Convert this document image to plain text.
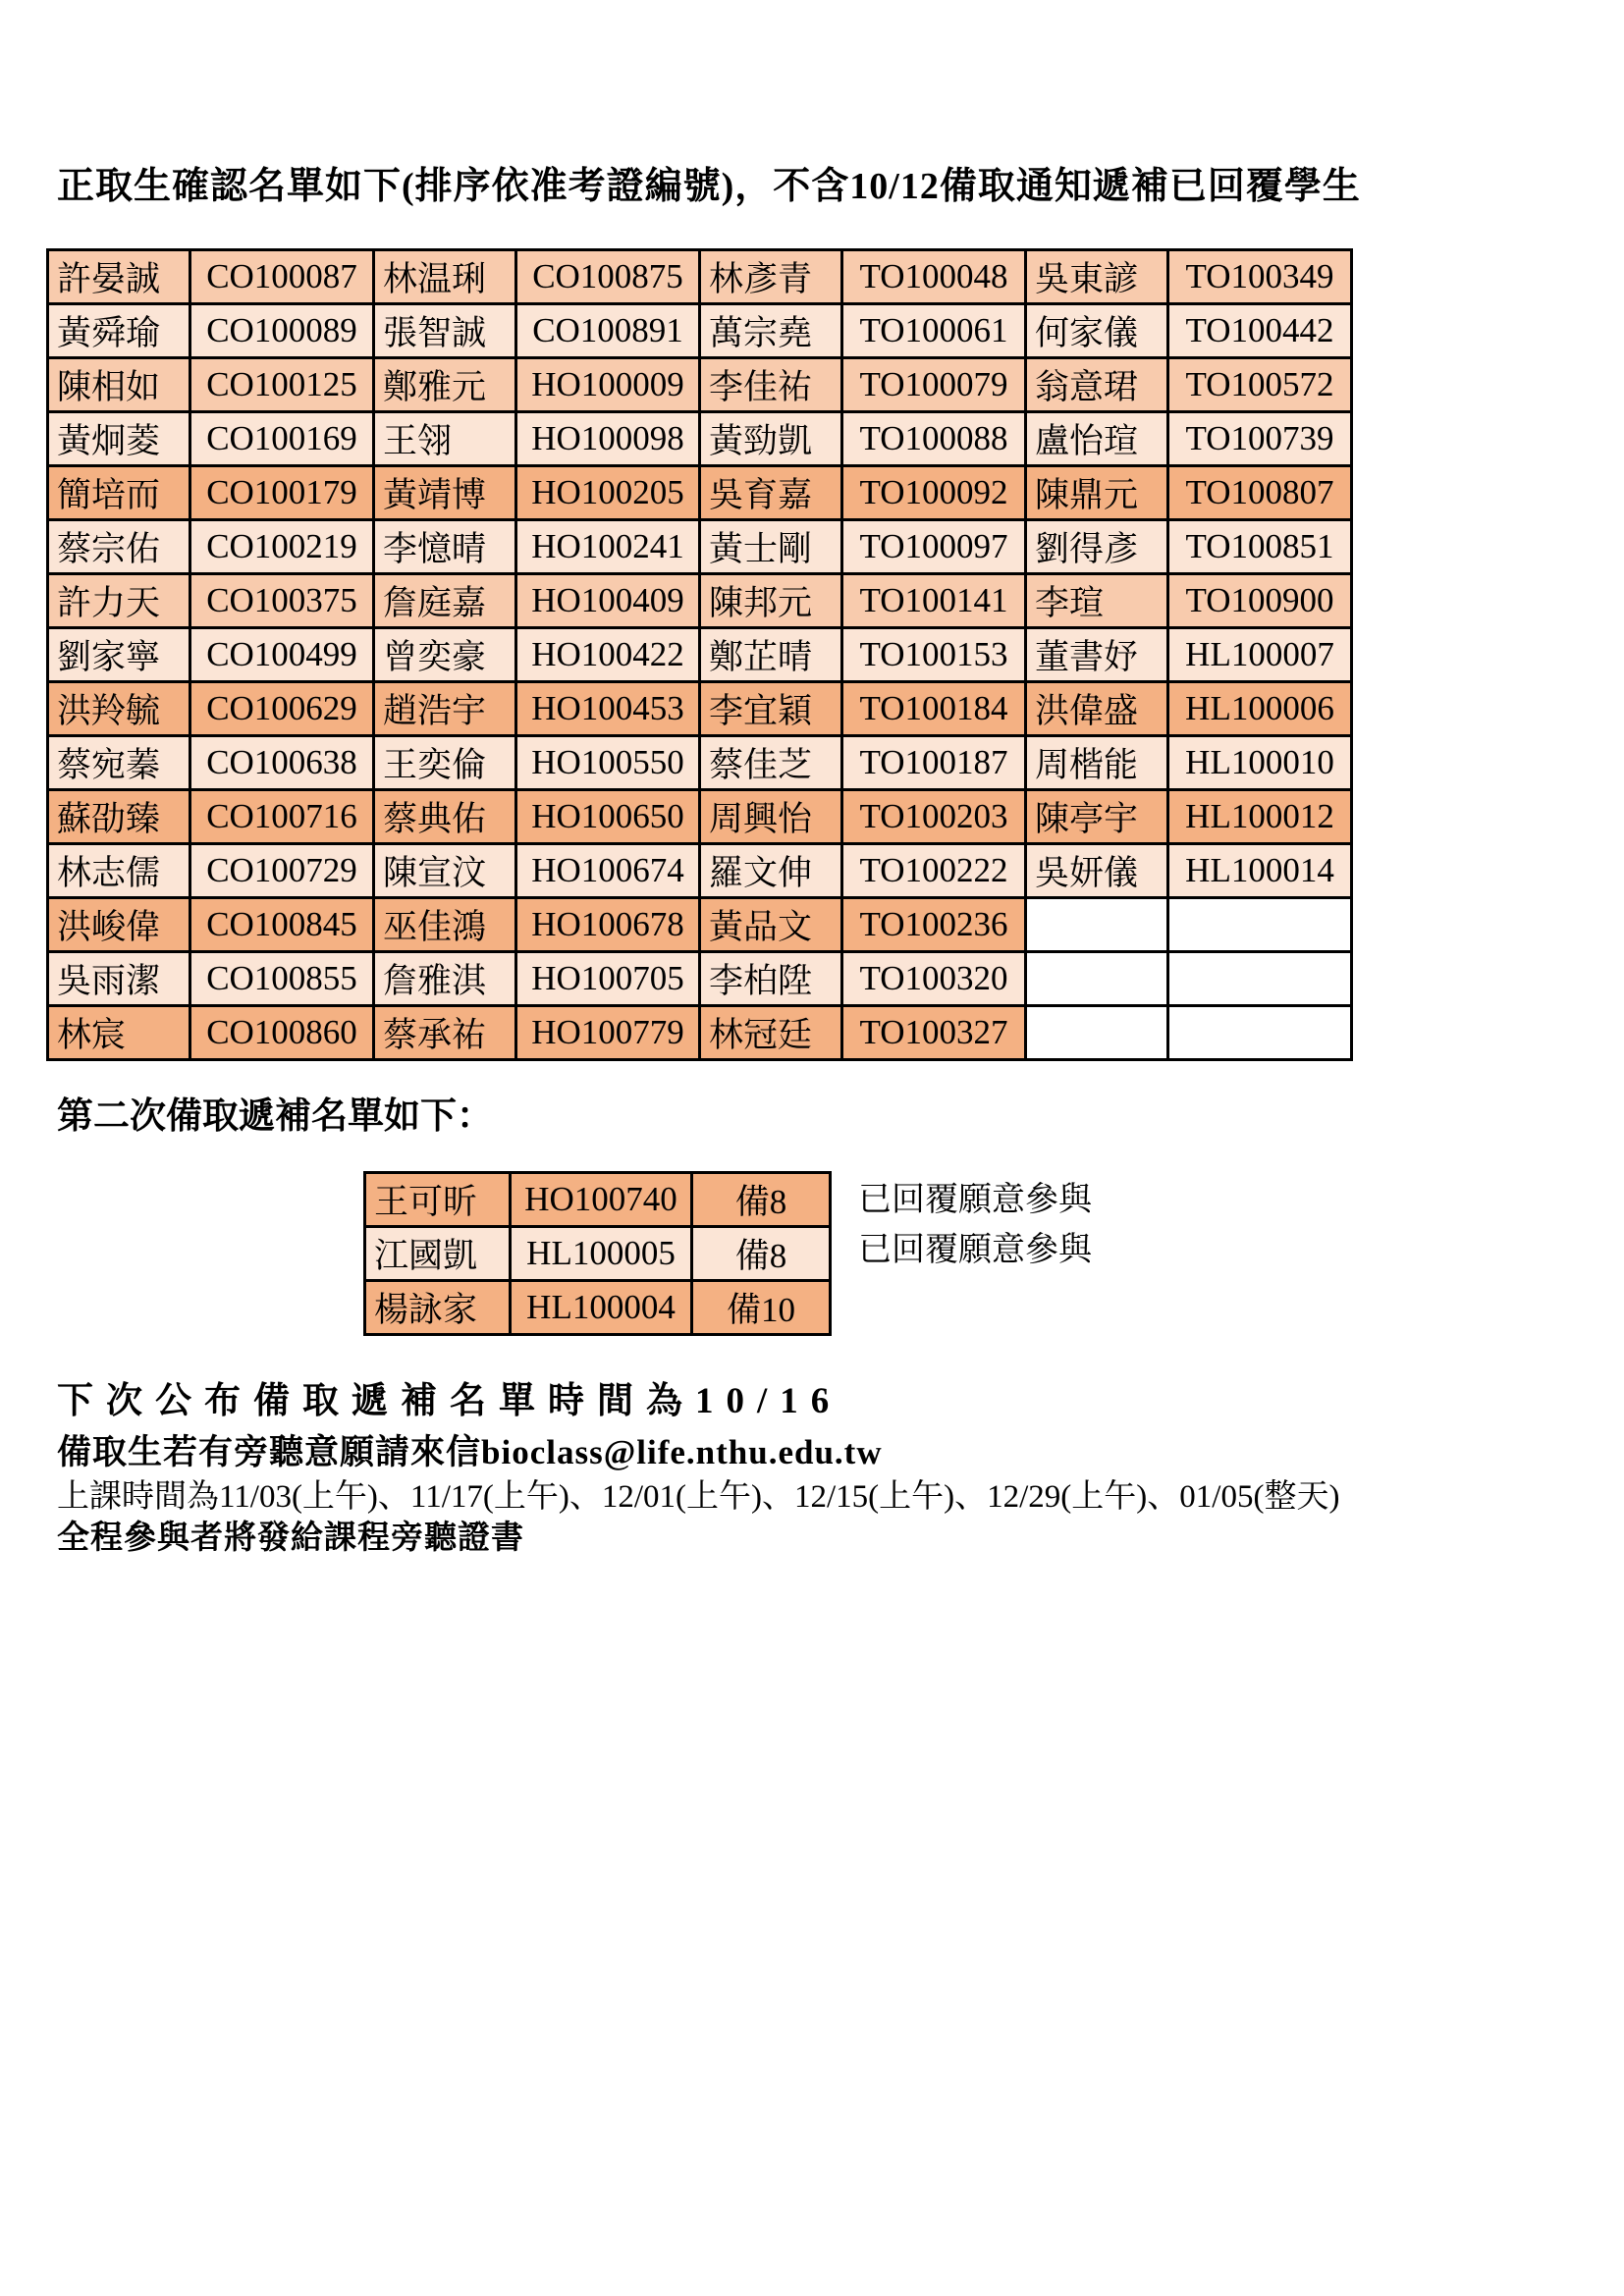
正取生確認名單如下(排序依准考證編號)，不含10/12備取通知遞補已回覆學生
許晏誠	CO100087	林温琍	CO100875	林彥青	TO100048	吳東諺	TO100349
黃舜瑜	CO100089	張智誠	CO100891	萬宗堯	TO100061	何家儀	TO100442
陳相如	CO100125	鄭雅元	HO100009	李佳祐	TO100079	翁意珺	TO100572
黃炯菱	CO100169	王翎	HO100098	黃勁凱	TO100088	盧怡瑄	TO100739
簡培而	CO100179	黃靖博	HO100205	吳育嘉	TO100092	陳鼎元	TO100807
蔡宗佑	CO100219	李憶晴	HO100241	黃士剛	TO100097	劉得彥	TO100851
許力天	CO100375	詹庭嘉	HO100409	陳邦元	TO100141	李瑄	TO100900
劉家寧	CO100499	曾奕豪	HO100422	鄭芷晴	TO100153	董書妤	HL100007
洪羚毓	CO100629	趙浩宇	HO100453	李宜穎	TO100184	洪偉盛	HL100006
蔡宛蓁	CO100638	王奕倫	HO100550	蔡佳芝	TO100187	周楷能	HL100010
蘇劭臻	CO100716	蔡典佑	HO100650	周興怡	TO100203	陳亭宇	HL100012
林志儒	CO100729	陳宣汶	HO100674	羅文伸	TO100222	吳妍儀	HL100014
洪峻偉	CO100845	巫佳鴻	HO100678	黃品文	TO100236		
吳雨潔	CO100855	詹雅淇	HO100705	李柏陞	TO100320		
林宸	CO100860	蔡承祐	HO100779	林冠廷	TO100327		
第二次備取遞補名單如下：
王可昕	HO100740	備8
江國凱	HL100005	備8
楊詠家	HL100004	備10
已回覆願意參與
已回覆願意參與
下次公布備取遞補名單時間為10/16
備取生若有旁聽意願請來信bioclass@life.nthu.edu.tw
上課時間為11/03(上午)、11/17(上午)、12/01(上午)、12/15(上午)、12/29(上午)、01/05(整天)
全程參與者將發給課程旁聽證書
